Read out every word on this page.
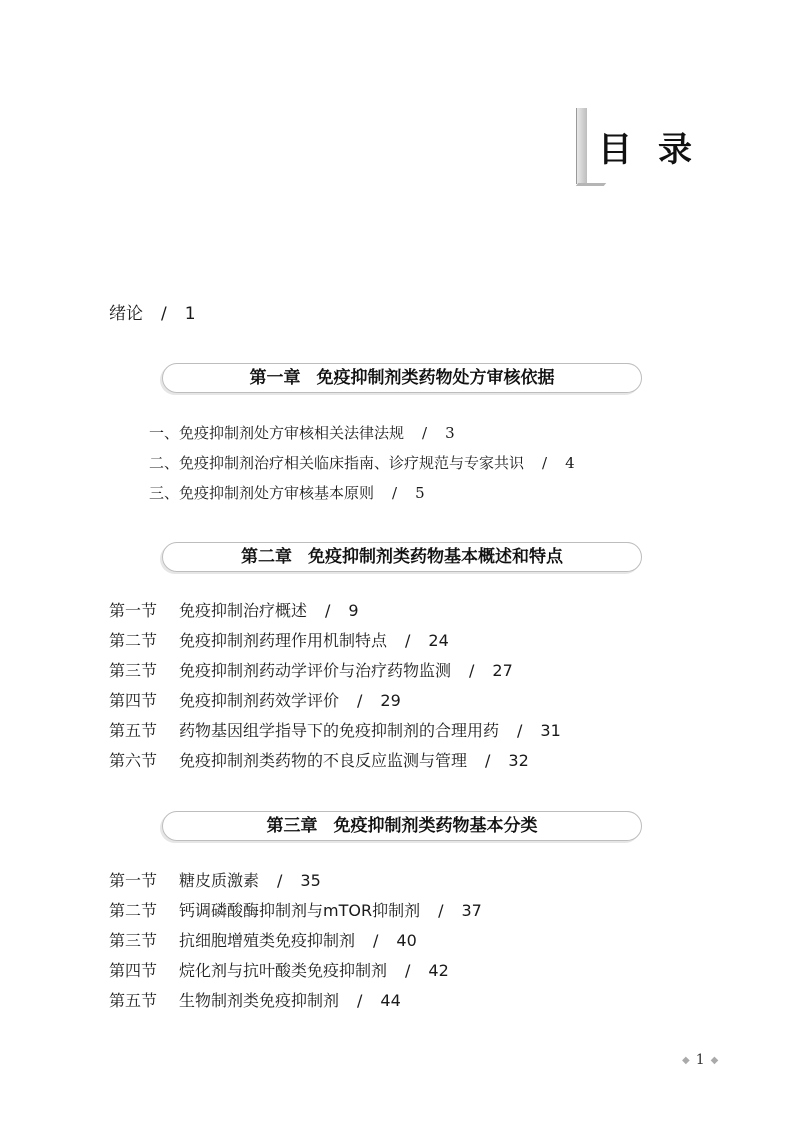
目录
绪论 / 1
第一章 免疫抑制剂类药物处方审核依据
一、免疫抑制剂处方审核相关法律法规 / 3
二、免疫抑制剂治疗相关临床指南、诊疗规范与专家共识 / 4
三、免疫抑制剂处方审核基本原则 / 5
第二章 免疫抑制剂类药物基本概述和特点
第一节 免疫抑制治疗概述 / 9
第二节 免疫抑制剂药理作用机制特点 / 24
第三节 免疫抑制剂药动学评价与治疗药物监测 / 27
第四节 免疫抑制剂药效学评价 / 29
第五节 药物基因组学指导下的免疫抑制剂的合理用药 / 31
第六节 免疫抑制剂类药物的不良反应监测与管理 / 32
第三章 免疫抑制剂类药物基本分类
第一节 糖皮质激素 / 35
第二节 钙调磷酸酶抑制剂与mTOR抑制剂 / 37
第三节 抗细胞增殖类免疫抑制剂 / 40
第四节 烷化剂与抗叶酸类免疫抑制剂 / 42
第五节 生物制剂类免疫抑制剂 / 44
◆ 1 ◆
